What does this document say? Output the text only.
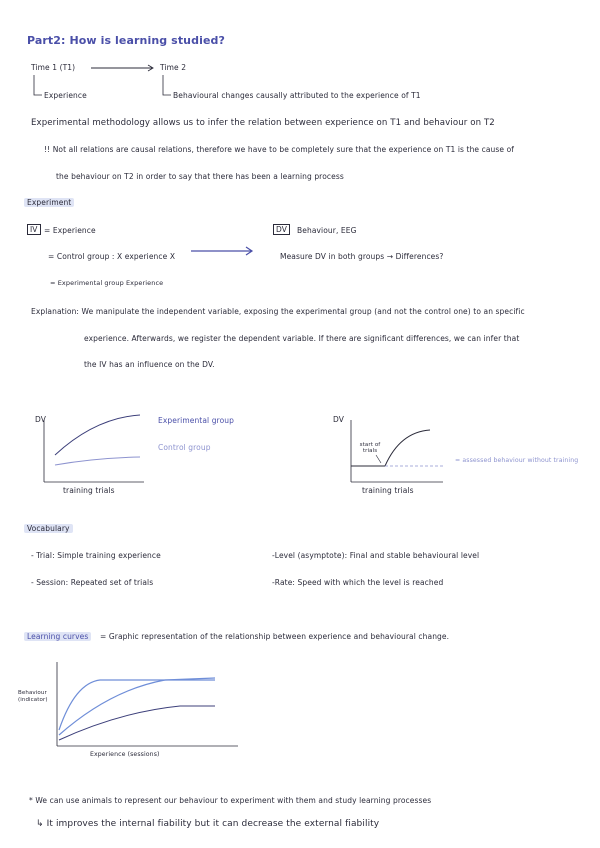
Part2: How is learning studied?
Time 1 (T1)	Time 2
Experience	Behavioural changes causally attributed to the experience of T1
Experimental methodology allows us to infer the relation between experience on T1 and behaviour on T2
!! Not all relations are causal relations, therefore we have to be completely sure that the experience on T1 is the cause of
the behaviour on T2 in order to say that there has been a learning process
Experiment
IV = Experience
= Control group : X experience X
= Experimental group Experience
DV	Behaviour, EEG
Measure DV in both groups → Differences?
Explanation: We manipulate the independent variable, exposing the experimental group (and not the control one) to an specific
experience. Afterwards, we register the dependent variable. If there are significant differences, we can infer that
the IV has an influence on the DV.
DV
training trials
Experimental group
Control group
DV
training trials
start of trials
= assessed behaviour without training
Vocabulary
- Trial: Simple training experience
- Session: Repeated set of trials
-Level (asymptote): Final and stable behavioural level
-Rate: Speed with which the level is reached
Learning curves	= Graphic representation of the relationship between experience and behavioural change.
Behaviour (indicator)
Experience (sessions)
* We can use animals to represent our behaviour to experiment with them and study learning processes
↳ It improves the internal fiability but it can decrease the external fiability
